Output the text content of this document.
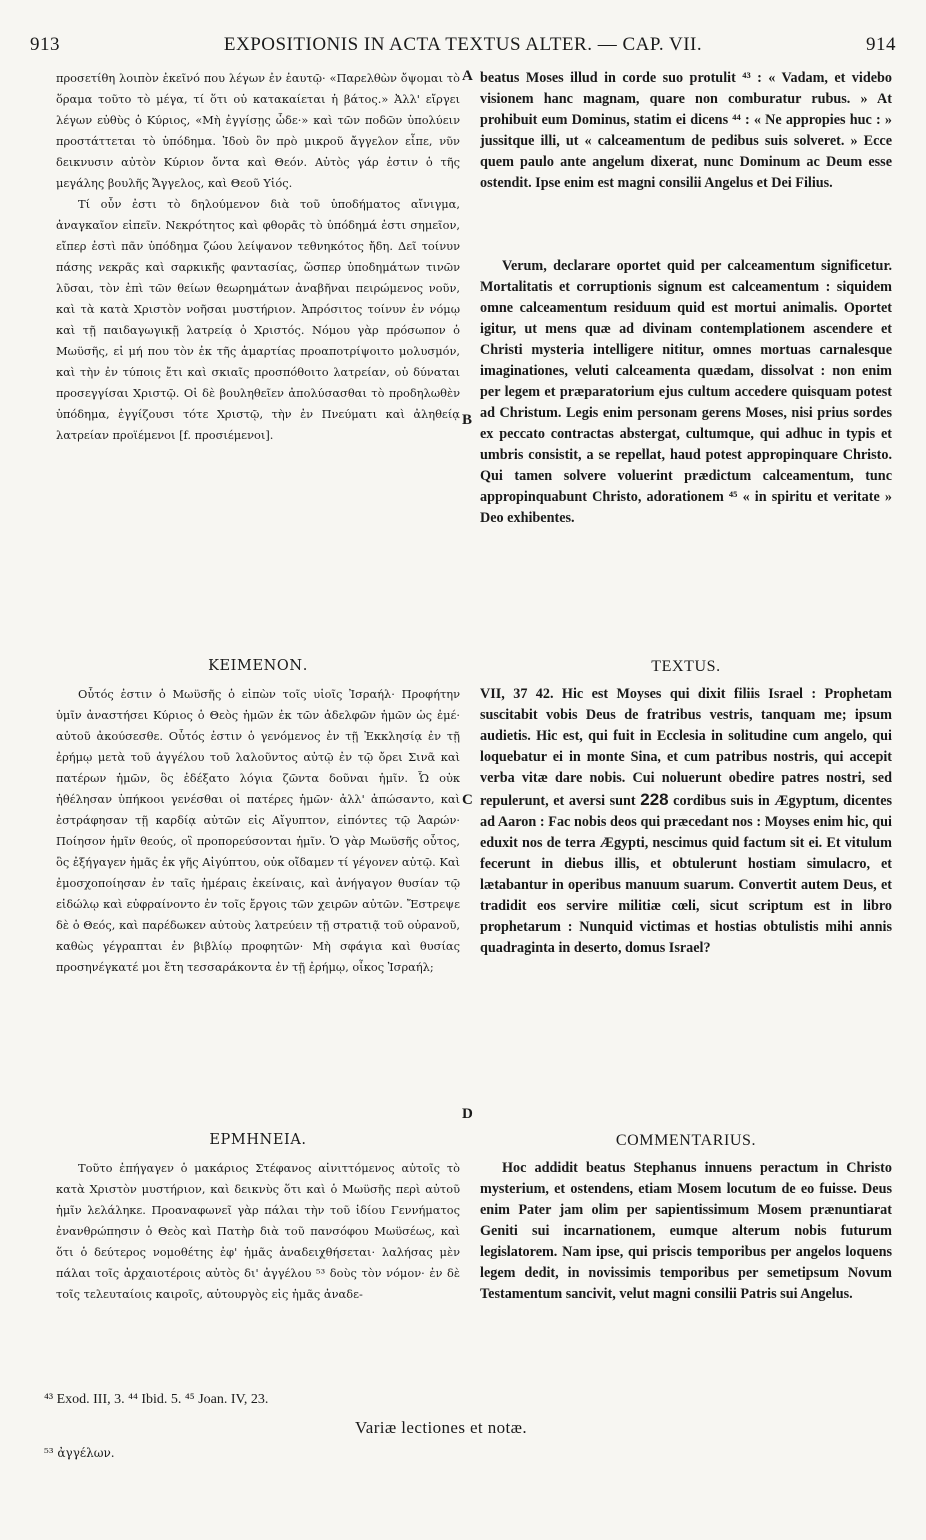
913	EXPOSITIONIS IN ACTA TEXTUS ALTER. — CAP. VII.	914

προσετίθη λοιπὸν ἐκεῖνό που λέγων ἐν ἑαυτῷ· «Παρελθὼν ὄψομαι τὸ ὅραμα τοῦτο τὸ μέγα, τί ὅτι οὐ κατακαίεται ἡ βάτος.» Ἀλλ' εἴργει λέγων εὐθὺς ὁ Κύριος, «Μὴ ἐγγίσῃς ὧδε·» καὶ τῶν ποδῶν ὑπολύειν προστάττεται τὸ ὑπόδημα. Ἰδοὺ ὃν πρὸ μικροῦ ἄγγελον εἶπε, νῦν δεικνυσιν αὐτὸν Κύριον ὄντα καὶ Θεόν. Αὐτὸς γάρ ἐστιν ὁ τῆς μεγάλης βουλῆς Ἄγγελος, καὶ Θεοῦ Υἱός.

Τί οὖν ἐστι τὸ δηλούμενον διὰ τοῦ ὑποδήματος αἴνιγμα, ἀναγκαῖον εἰπεῖν. Νεκρότητος καὶ φθορᾶς τὸ ὑπόδημά ἐστι σημεῖον, εἴπερ ἐστὶ πᾶν ὑπόδημα ζώου λείψανον τεθνηκότος ἤδη. Δεῖ τοίνυν πάσης νεκρᾶς καὶ σαρκικῆς φαντασίας, ὥσπερ ὑποδημάτων τινῶν λῦσαι, τὸν ἐπὶ τῶν θείων θεωρημάτων ἀναβῆναι πειρώμενος νοῦν, καὶ τὰ κατὰ Χριστὸν νοῆσαι μυστήριον. Ἀπρόσιτος τοίνυν ἐν νόμῳ καὶ τῇ παιδαγωγικῇ λατρείᾳ ὁ Χριστός. Νόμου γὰρ πρόσωπον ὁ Μωϋσῆς, εἰ μή που τὸν ἐκ τῆς ἁμαρτίας προαποτρίψοιτο μολυσμόν, καὶ τὴν ἐν τύποις ἔτι καὶ σκιαῖς προσπόθοιτο λατρείαν, οὐ δύναται προσεγγίσαι Χριστῷ. Οἱ δὲ βουληθεῖεν ἀπολύσασθαι τὸ προδηλωθὲν ὑπόδημα, ἐγγίζουσι τότε Χριστῷ, τὴν ἐν Πνεύματι καὶ ἀληθείᾳ λατρείαν προϊέμενοι [f. προσιέμενοι].

ΚΕΙΜΕΝΟΝ.

Οὗτός ἐστιν ὁ Μωϋσῆς ὁ εἰπὼν τοῖς υἱοῖς Ἰσραήλ· Προφήτην ὑμῖν ἀναστήσει Κύριος ὁ Θεὸς ἡμῶν ἐκ τῶν ἀδελφῶν ἡμῶν ὡς ἐμέ· αὐτοῦ ἀκούσεσθε. Οὗτός ἐστιν ὁ γενόμενος ἐν τῇ Ἐκκλησίᾳ ἐν τῇ ἐρήμῳ μετὰ τοῦ ἀγγέλου τοῦ λαλοῦντος αὐτῷ ἐν τῷ ὄρει Σινᾶ καὶ πατέρων ἡμῶν, ὃς ἐδέξατο λόγια ζῶντα δοῦναι ἡμῖν. Ὧ οὐκ ἠθέλησαν ὑπήκοοι γενέσθαι οἱ πατέρες ἡμῶν· ἀλλ' ἀπώσαντο, καὶ ἐστράφησαν τῇ καρδίᾳ αὐτῶν εἰς Αἴγυπτον, εἰπόντες τῷ Ἀαρών· Ποίησον ἡμῖν θεούς, οἳ προπορεύσονται ἡμῖν. Ὁ γὰρ Μωϋσῆς οὗτος, ὃς ἐξήγαγεν ἡμᾶς ἐκ γῆς Αἰγύπτου, οὐκ οἴδαμεν τί γέγονεν αὐτῷ. Καὶ ἐμοσχοποίησαν ἐν ταῖς ἡμέραις ἐκείναις, καὶ ἀνήγαγον θυσίαν τῷ εἰδώλῳ καὶ εὐφραίνοντο ἐν τοῖς ἔργοις τῶν χειρῶν αὐτῶν. Ἔστρεψε δὲ ὁ Θεός, καὶ παρέδωκεν αὐτοὺς λατρεύειν τῇ στρατιᾷ τοῦ οὐρανοῦ, καθὼς γέγραπται ἐν βιβλίῳ προφητῶν· Μὴ σφάγια καὶ θυσίας προσηνέγκατέ μοι ἔτη τεσσαράκοντα ἐν τῇ ἐρήμῳ, οἶκος Ἰσραήλ;

ΕΡΜΗΝΕΙΑ.

Τοῦτο ἐπήγαγεν ὁ μακάριος Στέφανος αἰνιττόμενος αὐτοῖς τὸ κατὰ Χριστὸν μυστήριον, καὶ δεικνὺς ὅτι καὶ ὁ Μωϋσῆς περὶ αὐτοῦ ἡμῖν λελάληκε. Προαναφωνεῖ γὰρ πάλαι τὴν τοῦ ἰδίου Γεννήματος ἐνανθρώπησιν ὁ Θεὸς καὶ Πατὴρ διὰ τοῦ πανσόφου Μωϋσέως, καὶ ὅτι ὁ δεύτερος νομοθέτης ἐφ' ἡμᾶς ἀναδειχθήσεται· λαλήσας μὲν πάλαι τοῖς ἀρχαιοτέροις αὐτὸς δι' ἀγγέλου ⁵³ δοὺς τὸν νόμον· ἐν δὲ τοῖς τελευταίοις καιροῖς, αὐτουργὸς εἰς ἡμᾶς ἀναδε-

A
B
C
D

beatus Moses illud in corde suo protulit ⁴³ : « Vadam, et videbo visionem hanc magnam, quare non comburatur rubus. » At prohibuit eum Dominus, statim ei dicens ⁴⁴ : « Ne appropies huc : » jussitque illi, ut « calceamentum de pedibus suis solveret. » Ecce quem paulo ante angelum dixerat, nunc Dominum ac Deum esse ostendit. Ipse enim est magni consilii Angelus et Dei Filius.

Verum, declarare oportet quid per calceamentum significetur. Mortalitatis et corruptionis signum est calceamentum : siquidem omne calceamentum residuum quid est mortui animalis. Oportet igitur, ut mens quæ ad divinam contemplationem ascendere et Christi mysteria intelligere nititur, omnes mortuas carnalesque imaginationes, veluti calceamenta quædam, dissolvat : non enim per legem et præparatorium ejus cultum accedere quisquam potest ad Christum. Legis enim personam gerens Moses, nisi prius sordes ex peccato contractas abstergat, cultumque, qui adhuc in typis et umbris consistit, a se repellat, haud potest appropinquare Christo. Qui tamen solvere voluerint prædictum calceamentum, tunc appropinquabunt Christo, adorationem ⁴⁵ « in spiritu et veritate » Deo exhibentes.

TEXTUS.

VII, 37 42. Hic est Moyses qui dixit filiis Israel : Prophetam suscitabit vobis Deus de fratribus vestris, tanquam me; ipsum audietis. Hic est, qui fuit in Ecclesia in solitudine cum angelo, qui loquebatur ei in monte Sina, et cum patribus nostris, qui accepit verba vitæ dare nobis. Cui noluerunt obedire patres nostri, sed repulerunt, et aversi sunt 228 cordibus suis in Ægyptum, dicentes ad Aaron : Fac nobis deos qui præcedant nos : Moyses enim hic, qui eduxit nos de terra Ægypti, nescimus quid factum sit ei. Et vitulum fecerunt in diebus illis, et obtulerunt hostiam simulacro, et lætabantur in operibus manuum suarum. Convertit autem Deus, et tradidit eos servire militiæ cœli, sicut scriptum est in libro prophetarum : Nunquid victimas et hostias obtulistis mihi annis quadraginta in deserto, domus Israel?

COMMENTARIUS.

Hoc addidit beatus Stephanus innuens peractum in Christo mysterium, et ostendens, etiam Mosem locutum de eo fuisse. Deus enim Pater jam olim per sapientissimum Mosem prænuntiarat Geniti sui incarnationem, eumque alterum nobis futurum legislatorem. Nam ipse, qui priscis temporibus per angelos loquens legem dedit, in novissimis temporibus per semetipsum Novum Testamentum sancivit, velut magni consilii Patris sui Angelus.

⁴³ Exod. III, 3. ⁴⁴ Ibid. 5. ⁴⁵ Joan. IV, 23.
Variæ lectiones et notæ.
⁵³ ἀγγέλων.
